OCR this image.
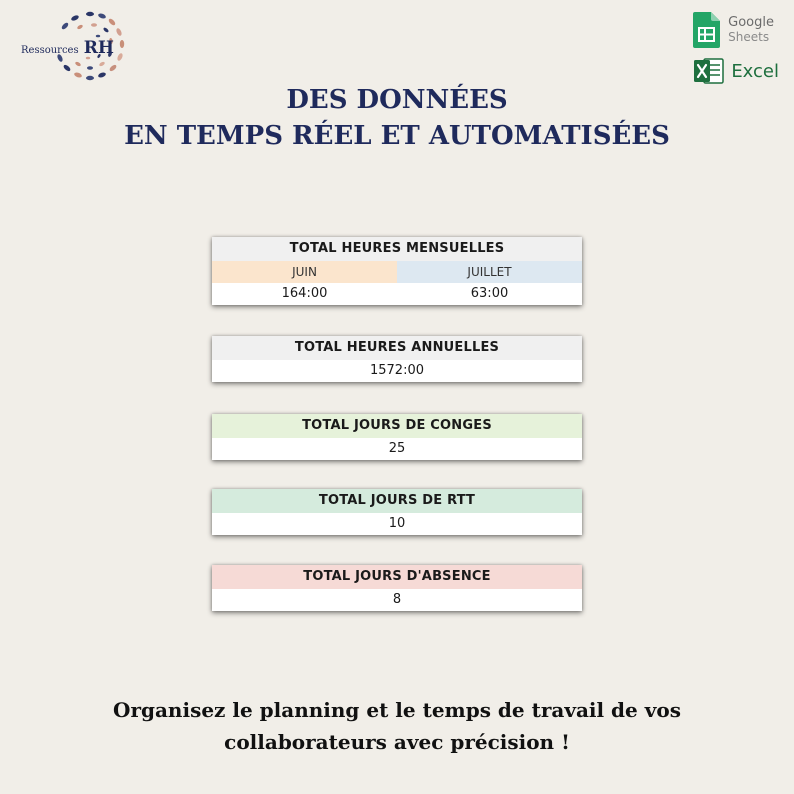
Ressources RH
Google
Sheets
Excel
DES DONNÉES
EN TEMPS RÉEL ET AUTOMATISÉES
TOTAL HEURES MENSUELLES
JUIN	JUILLET
164:00	63:00
TOTAL HEURES ANNUELLES
1572:00
TOTAL JOURS DE CONGES
25
TOTAL JOURS DE RTT
10
TOTAL JOURS D'ABSENCE
8
Organisez le planning et le temps de travail de vos
collaborateurs avec précision !
